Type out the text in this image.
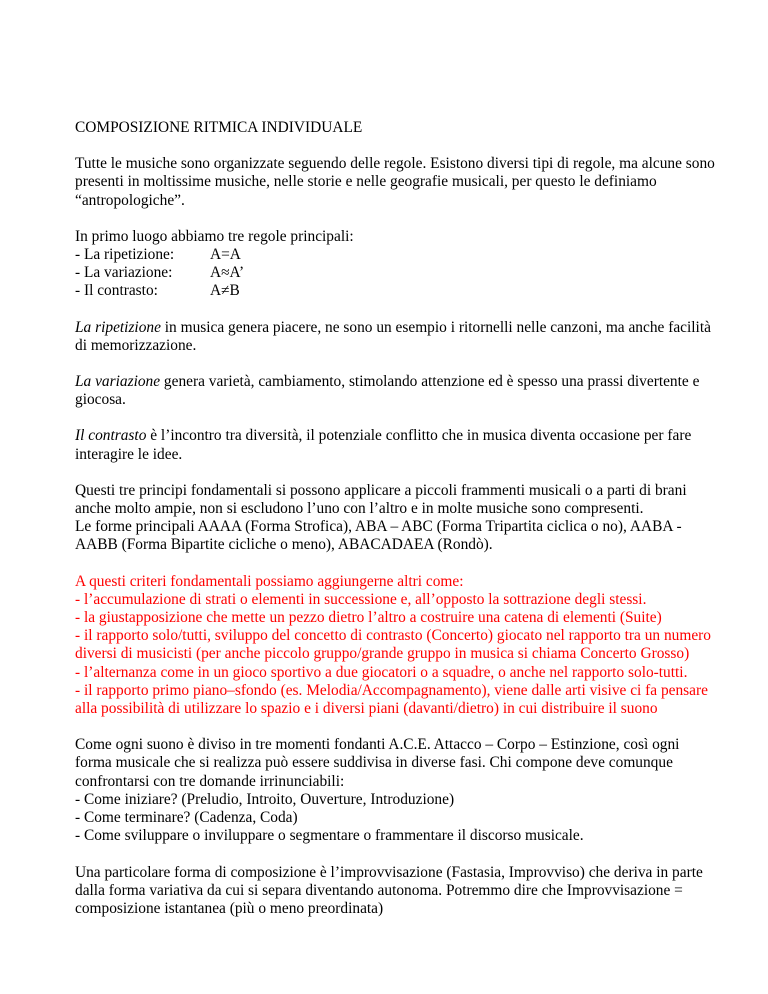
COMPOSIZIONE RITMICA INDIVIDUALE

Tutte le musiche sono organizzate seguendo delle regole. Esistono diversi tipi di regole, ma alcune sono presenti in moltissime musiche, nelle storie e nelle geografie musicali, per questo le definiamo “antropologiche”.

In primo luogo abbiamo tre regole principali:
- La ripetizione:	A=A
- La variazione:	A≈A’
- Il contrasto:	A≠B

La ripetizione in musica genera piacere, ne sono un esempio i ritornelli nelle canzoni, ma anche facilità di memorizzazione.

La variazione genera varietà, cambiamento, stimolando attenzione ed è spesso una prassi divertente e giocosa.

Il contrasto è l’incontro tra diversità, il potenziale conflitto che in musica diventa occasione per fare interagire le idee.

Questi tre principi fondamentali si possono applicare a piccoli frammenti musicali o a parti di brani anche molto ampie, non si escludono l’uno con l’altro e in molte musiche sono compresenti.
Le forme principali AAAA (Forma Strofica), ABA – ABC (Forma Tripartita ciclica o no), AABA - AABB (Forma Bipartite cicliche o meno), ABACADAEA (Rondò).

A questi criteri fondamentali possiamo aggiungerne altri come:
- l’accumulazione di strati o elementi in successione e, all’opposto la sottrazione degli stessi.
- la giustapposizione che mette un pezzo dietro l’altro a costruire una catena di elementi (Suite)
- il rapporto solo/tutti, sviluppo del concetto di contrasto (Concerto) giocato nel rapporto tra un numero diversi di musicisti (per anche piccolo gruppo/grande gruppo in musica si chiama Concerto Grosso)
- l’alternanza come in un gioco sportivo a due giocatori o a squadre, o anche nel rapporto solo-tutti.
- il rapporto primo piano–sfondo (es. Melodia/Accompagnamento), viene dalle arti visive ci fa pensare alla possibilità di utilizzare lo spazio e i diversi piani (davanti/dietro) in cui distribuire il suono
Come ogni suono è diviso in tre momenti fondanti A.C.E. Attacco – Corpo – Estinzione, così ogni forma musicale che si realizza può essere suddivisa in diverse fasi. Chi compone deve comunque confrontarsi con tre domande irrinunciabili:
- Come iniziare? (Preludio, Introito, Ouverture, Introduzione)
- Come terminare? (Cadenza, Coda)
- Come sviluppare o inviluppare o segmentare o frammentare il discorso musicale.

Una particolare forma di composizione è l’improvvisazione (Fastasia, Improvviso) che deriva in parte dalla forma variativa da cui si separa diventando autonoma. Potremmo dire che Improvvisazione = composizione istantanea (più o meno preordinata)
